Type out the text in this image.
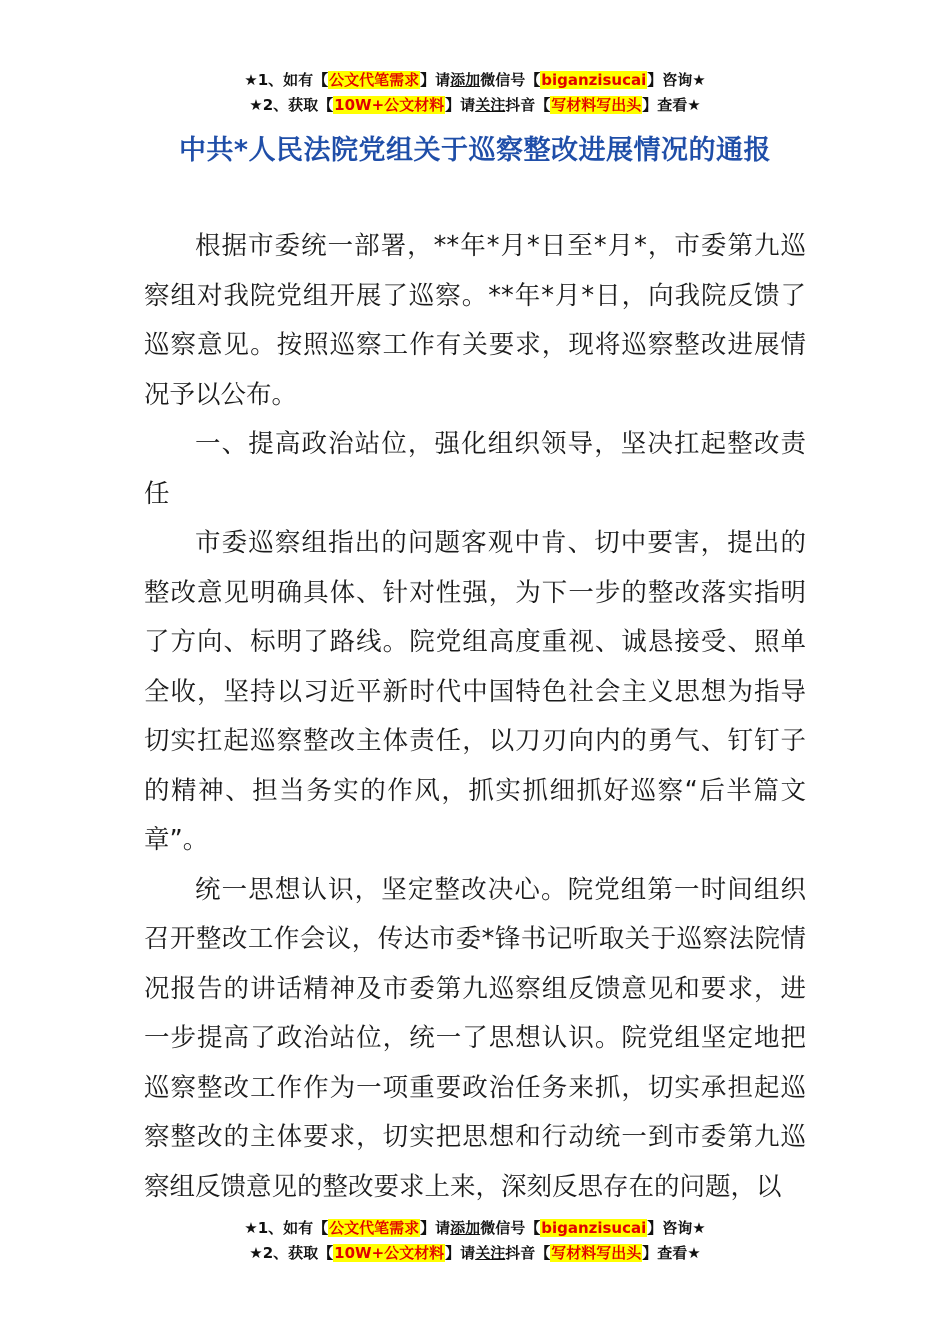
★1、如有【公文代笔需求】请添加微信号【biganzisucai】咨询★
★2、获取【10W+公文材料】请关注抖音【写材料写出头】查看★
中共*人民法院党组关于巡察整改进展情况的通报

根据市委统一部署，**年*月*日至*月*，市委第九巡察组对我院党组开展了巡察。**年*月*日，向我院反馈了巡察意见。按照巡察工作有关要求，现将巡察整改进展情况予以公布。

一、提高政治站位，强化组织领导，坚决扛起整改责任

市委巡察组指出的问题客观中肯、切中要害，提出的整改意见明确具体、针对性强，为下一步的整改落实指明了方向、标明了路线。院党组高度重视、诚恳接受、照单全收，坚持以习近平新时代中国特色社会主义思想为指导切实扛起巡察整改主体责任，以刀刃向内的勇气、钉钉子的精神、担当务实的作风，抓实抓细抓好巡察“后半篇文章”。

统一思想认识，坚定整改决心。院党组第一时间组织召开整改工作会议，传达市委*锋书记听取关于巡察法院情况报告的讲话精神及市委第九巡察组反馈意见和要求，进一步提高了政治站位，统一了思想认识。院党组坚定地把巡察整改工作作为一项重要政治任务来抓，切实承担起巡察整改的主体要求，切实把思想和行动统一到市委第九巡察组反馈意见的整改要求上来，深刻反思存在的问题，以

★1、如有【公文代笔需求】请添加微信号【biganzisucai】咨询★
★2、获取【10W+公文材料】请关注抖音【写材料写出头】查看★
